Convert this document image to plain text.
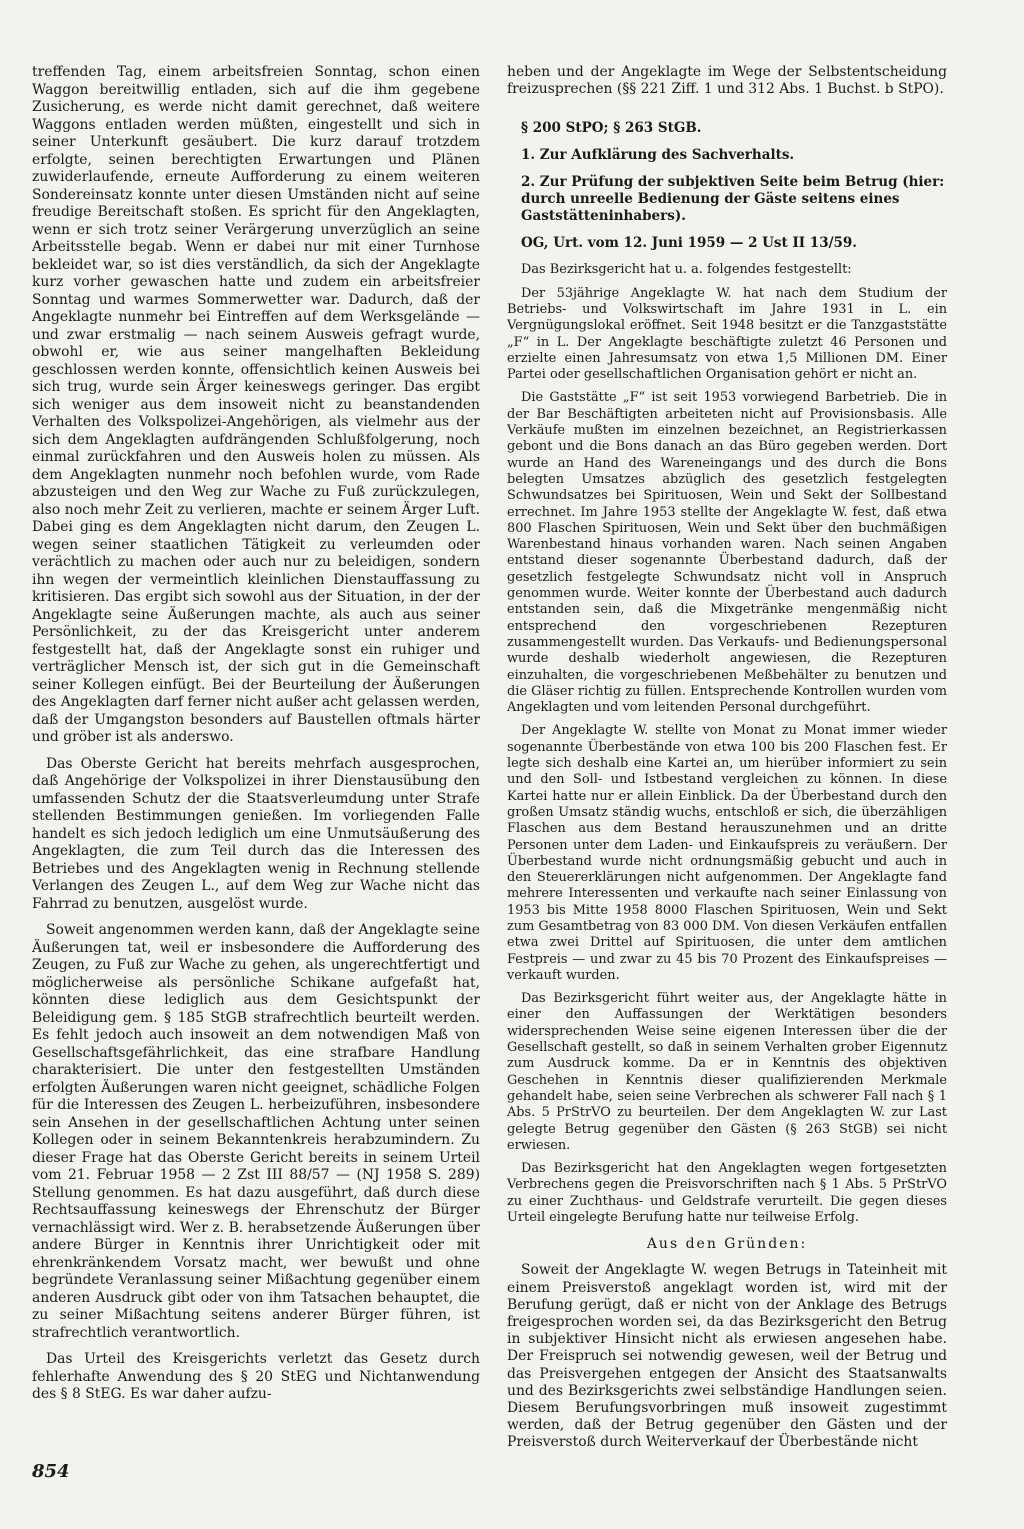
treffenden Tag, einem arbeitsfreien Sonntag, schon einen Waggon bereitwillig entladen, sich auf die ihm gegebene Zusicherung, es werde nicht damit gerechnet, daß weitere Waggons entladen werden müßten, eingestellt und sich in seiner Unterkunft gesäubert. Die kurz darauf trotzdem erfolgte, seinen berechtigten Erwartungen und Plänen zuwiderlaufende, erneute Aufforderung zu einem weiteren Sondereinsatz konnte unter diesen Umständen nicht auf seine freudige Bereitschaft stoßen. Es spricht für den Angeklagten, wenn er sich trotz seiner Verärgerung unverzüglich an seine Arbeitsstelle begab. Wenn er dabei nur mit einer Turnhose bekleidet war, so ist dies verständlich, da sich der Angeklagte kurz vorher gewaschen hatte und zudem ein arbeitsfreier Sonntag und warmes Sommerwetter war. Dadurch, daß der Angeklagte nunmehr bei Eintreffen auf dem Werksgelände — und zwar erstmalig — nach seinem Ausweis gefragt wurde, obwohl er, wie aus seiner mangelhaften Bekleidung geschlossen werden konnte, offensichtlich keinen Ausweis bei sich trug, wurde sein Ärger keineswegs geringer. Das ergibt sich weniger aus dem insoweit nicht zu beanstandenden Verhalten des Volkspolizei-Angehörigen, als vielmehr aus der sich dem Angeklagten aufdrängenden Schlußfolgerung, noch einmal zurückfahren und den Ausweis holen zu müssen. Als dem Angeklagten nunmehr noch befohlen wurde, vom Rade abzusteigen und den Weg zur Wache zu Fuß zurückzulegen, also noch mehr Zeit zu verlieren, machte er seinem Ärger Luft. Dabei ging es dem Angeklagten nicht darum, den Zeugen L. wegen seiner staatlichen Tätigkeit zu verleumden oder verächtlich zu machen oder auch nur zu beleidigen, sondern ihn wegen der vermeintlich kleinlichen Dienstauffassung zu kritisieren. Das ergibt sich sowohl aus der Situation, in der der Angeklagte seine Äußerungen machte, als auch aus seiner Persönlichkeit, zu der das Kreisgericht unter anderem festgestellt hat, daß der Angeklagte sonst ein ruhiger und verträglicher Mensch ist, der sich gut in die Gemeinschaft seiner Kollegen einfügt. Bei der Beurteilung der Äußerungen des Angeklagten darf ferner nicht außer acht gelassen werden, daß der Umgangston besonders auf Baustellen oftmals härter und gröber ist als anderswo.

Das Oberste Gericht hat bereits mehrfach ausgesprochen, daß Angehörige der Volkspolizei in ihrer Dienstausübung den umfassenden Schutz der die Staatsverleumdung unter Strafe stellenden Bestimmungen genießen. Im vorliegenden Falle handelt es sich jedoch lediglich um eine Unmutsäußerung des Angeklagten, die zum Teil durch das die Interessen des Betriebes und des Angeklagten wenig in Rechnung stellende Verlangen des Zeugen L., auf dem Weg zur Wache nicht das Fahrrad zu benutzen, ausgelöst wurde.

Soweit angenommen werden kann, daß der Angeklagte seine Äußerungen tat, weil er insbesondere die Aufforderung des Zeugen, zu Fuß zur Wache zu gehen, als ungerechtfertigt und möglicherweise als persönliche Schikane aufgefaßt hat, könnten diese lediglich aus dem Gesichtspunkt der Beleidigung gem. § 185 StGB strafrechtlich beurteilt werden. Es fehlt jedoch auch insoweit an dem notwendigen Maß von Gesellschaftsgefährlichkeit, das eine strafbare Handlung charakterisiert. Die unter den festgestellten Umständen erfolgten Äußerungen waren nicht geeignet, schädliche Folgen für die Interessen des Zeugen L. herbeizuführen, insbesondere sein Ansehen in der gesellschaftlichen Achtung unter seinen Kollegen oder in seinem Bekanntenkreis herabzumindern. Zu dieser Frage hat das Oberste Gericht bereits in seinem Urteil vom 21. Februar 1958 — 2 Zst III 88/57 — (NJ 1958 S. 289) Stellung genommen. Es hat dazu ausgeführt, daß durch diese Rechtsauffassung keineswegs der Ehrenschutz der Bürger vernachlässigt wird. Wer z. B. herabsetzende Äußerungen über andere Bürger in Kenntnis ihrer Unrichtigkeit oder mit ehrenkränkendem Vorsatz macht, wer bewußt und ohne begründete Veranlassung seiner Mißachtung gegenüber einem anderen Ausdruck gibt oder von ihm Tatsachen behauptet, die zu seiner Mißachtung seitens anderer Bürger führen, ist strafrechtlich verantwortlich.

Das Urteil des Kreisgerichts verletzt das Gesetz durch fehlerhafte Anwendung des § 20 StEG und Nichtanwendung des § 8 StEG. Es war daher aufzu-

heben und der Angeklagte im Wege der Selbstentscheidung freizusprechen (§§ 221 Ziff. 1 und 312 Abs. 1 Buchst. b StPO).

§ 200 StPO; § 263 StGB.
1. Zur Aufklärung des Sachverhalts.
2. Zur Prüfung der subjektiven Seite beim Betrug (hier: durch unreelle Bedienung der Gäste seitens eines Gaststätteninhabers).
OG, Urt. vom 12. Juni 1959 — 2 Ust II 13/59.

Das Bezirksgericht hat u. a. folgendes festgestellt:

Der 53jährige Angeklagte W. hat nach dem Studium der Betriebs- und Volkswirtschaft im Jahre 1931 in L. ein Vergnügungslokal eröffnet. Seit 1948 besitzt er die Tanzgaststätte „F“ in L. Der Angeklagte beschäftigte zuletzt 46 Personen und erzielte einen Jahresumsatz von etwa 1,5 Millionen DM. Einer Partei oder gesellschaftlichen Organisation gehört er nicht an.

Die Gaststätte „F“ ist seit 1953 vorwiegend Barbetrieb. Die in der Bar Beschäftigten arbeiteten nicht auf Provisionsbasis. Alle Verkäufe mußten im einzelnen bezeichnet, an Registrierkassen gebont und die Bons danach an das Büro gegeben werden. Dort wurde an Hand des Wareneingangs und des durch die Bons belegten Umsatzes abzüglich des gesetzlich festgelegten Schwundsatzes bei Spirituosen, Wein und Sekt der Sollbestand errechnet. Im Jahre 1953 stellte der Angeklagte W. fest, daß etwa 800 Flaschen Spirituosen, Wein und Sekt über den buchmäßigen Warenbestand hinaus vorhanden waren. Nach seinen Angaben entstand dieser sogenannte Überbestand dadurch, daß der gesetzlich festgelegte Schwundsatz nicht voll in Anspruch genommen wurde. Weiter konnte der Überbestand auch dadurch entstanden sein, daß die Mixgetränke mengenmäßig nicht entsprechend den vorgeschriebenen Rezepturen zusammengestellt wurden. Das Verkaufs- und Bedienungspersonal wurde deshalb wiederholt angewiesen, die Rezepturen einzuhalten, die vorgeschriebenen Meßbehälter zu benutzen und die Gläser richtig zu füllen. Entsprechende Kontrollen wurden vom Angeklagten und vom leitenden Personal durchgeführt.

Der Angeklagte W. stellte von Monat zu Monat immer wieder sogenannte Überbestände von etwa 100 bis 200 Flaschen fest. Er legte sich deshalb eine Kartei an, um hierüber informiert zu sein und den Soll- und Istbestand vergleichen zu können. In diese Kartei hatte nur er allein Einblick. Da der Überbestand durch den großen Umsatz ständig wuchs, entschloß er sich, die überzähligen Flaschen aus dem Bestand herauszunehmen und an dritte Personen unter dem Laden- und Einkaufspreis zu veräußern. Der Überbestand wurde nicht ordnungsmäßig gebucht und auch in den Steuererklärungen nicht aufgenommen. Der Angeklagte fand mehrere Interessenten und verkaufte nach seiner Einlassung von 1953 bis Mitte 1958 8000 Flaschen Spirituosen, Wein und Sekt zum Gesamtbetrag von 83 000 DM. Von diesen Verkäufen entfallen etwa zwei Drittel auf Spirituosen, die unter dem amtlichen Festpreis — und zwar zu 45 bis 70 Prozent des Einkaufspreises — verkauft wurden.

Das Bezirksgericht führt weiter aus, der Angeklagte hätte in einer den Auffassungen der Werktätigen besonders widersprechenden Weise seine eigenen Interessen über die der Gesellschaft gestellt, so daß in seinem Verhalten grober Eigennutz zum Ausdruck komme. Da er in Kenntnis des objektiven Geschehen in Kenntnis dieser qualifizierenden Merkmale gehandelt habe, seien seine Verbrechen als schwerer Fall nach § 1 Abs. 5 PrStrVO zu beurteilen. Der dem Angeklagten W. zur Last gelegte Betrug gegenüber den Gästen (§ 263 StGB) sei nicht erwiesen.

Das Bezirksgericht hat den Angeklagten wegen fortgesetzten Verbrechens gegen die Preisvorschriften nach § 1 Abs. 5 PrStrVO zu einer Zuchthaus- und Geldstrafe verurteilt. Die gegen dieses Urteil eingelegte Berufung hatte nur teilweise Erfolg.

Aus den Gründen:

Soweit der Angeklagte W. wegen Betrugs in Tateinheit mit einem Preisverstoß angeklagt worden ist, wird mit der Berufung gerügt, daß er nicht von der Anklage des Betrugs freigesprochen worden sei, da das Bezirksgericht den Betrug in subjektiver Hinsicht nicht als erwiesen angesehen habe. Der Freispruch sei notwendig gewesen, weil der Betrug und das Preisvergehen entgegen der Ansicht des Staatsanwalts und des Bezirksgerichts zwei selbständige Handlungen seien. Diesem Berufungsvorbringen muß insoweit zugestimmt werden, daß der Betrug gegenüber den Gästen und der Preisverstoß durch Weiterverkauf der Überbestände nicht

854
